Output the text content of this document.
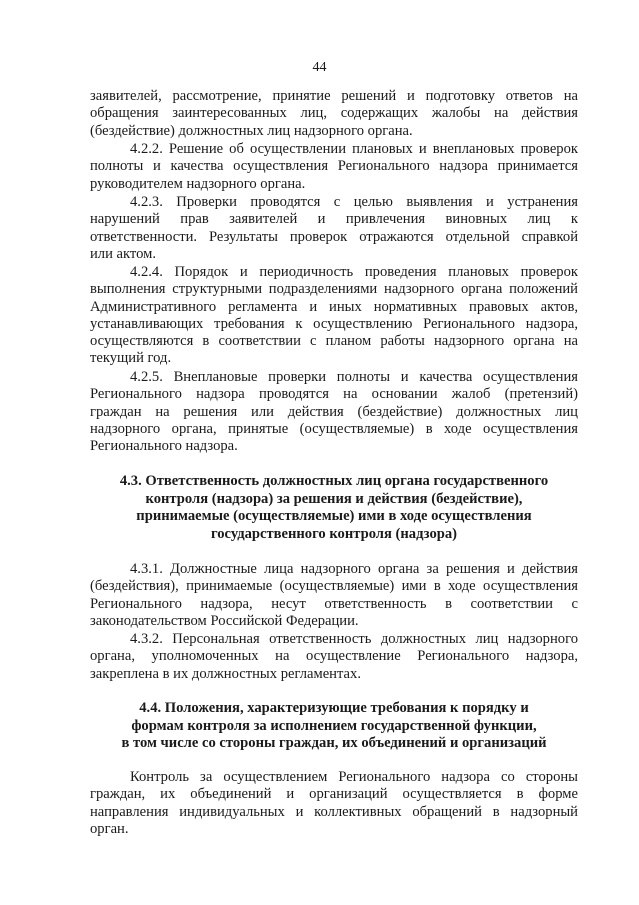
44
заявителей, рассмотрение, принятие решений и подготовку ответов на
обращения заинтересованных лиц, содержащих жалобы на действия
(бездействие) должностных лиц надзорного органа.
4.2.2. Решение об осуществлении плановых и внеплановых проверок
полноты и качества осуществления Регионального надзора принимается
руководителем надзорного органа.
4.2.3. Проверки проводятся с целью выявления и устранения
нарушений прав заявителей и привлечения виновных лиц к
ответственности. Результаты проверок отражаются отдельной справкой
или актом.
4.2.4. Порядок и периодичность проведения плановых проверок
выполнения структурными подразделениями надзорного органа положений
Административного регламента и иных нормативных правовых актов,
устанавливающих требования к осуществлению Регионального надзора,
осуществляются в соответствии с планом работы надзорного органа на
текущий год.
4.2.5. Внеплановые проверки полноты и качества осуществления
Регионального надзора проводятся на основании жалоб (претензий)
граждан на решения или действия (бездействие) должностных лиц
надзорного органа, принятые (осуществляемые) в ходе осуществления
Регионального надзора.
4.3. Ответственность должностных лиц органа государственного
контроля (надзора) за решения и действия (бездействие),
принимаемые (осуществляемые) ими в ходе осуществления
государственного контроля (надзора)
4.3.1. Должностные лица надзорного органа за решения и действия
(бездействия), принимаемые (осуществляемые) ими в ходе осуществления
Регионального надзора, несут ответственность в соответствии с
законодательством Российской Федерации.
4.3.2. Персональная ответственность должностных лиц надзорного
органа, уполномоченных на осуществление Регионального надзора,
закреплена в их должностных регламентах.
4.4. Положения, характеризующие требования к порядку и
формам контроля за исполнением государственной функции,
в том числе со стороны граждан, их объединений и организаций
Контроль за осуществлением Регионального надзора со стороны
граждан, их объединений и организаций осуществляется в форме
направления индивидуальных и коллективных обращений в надзорный
орган.
